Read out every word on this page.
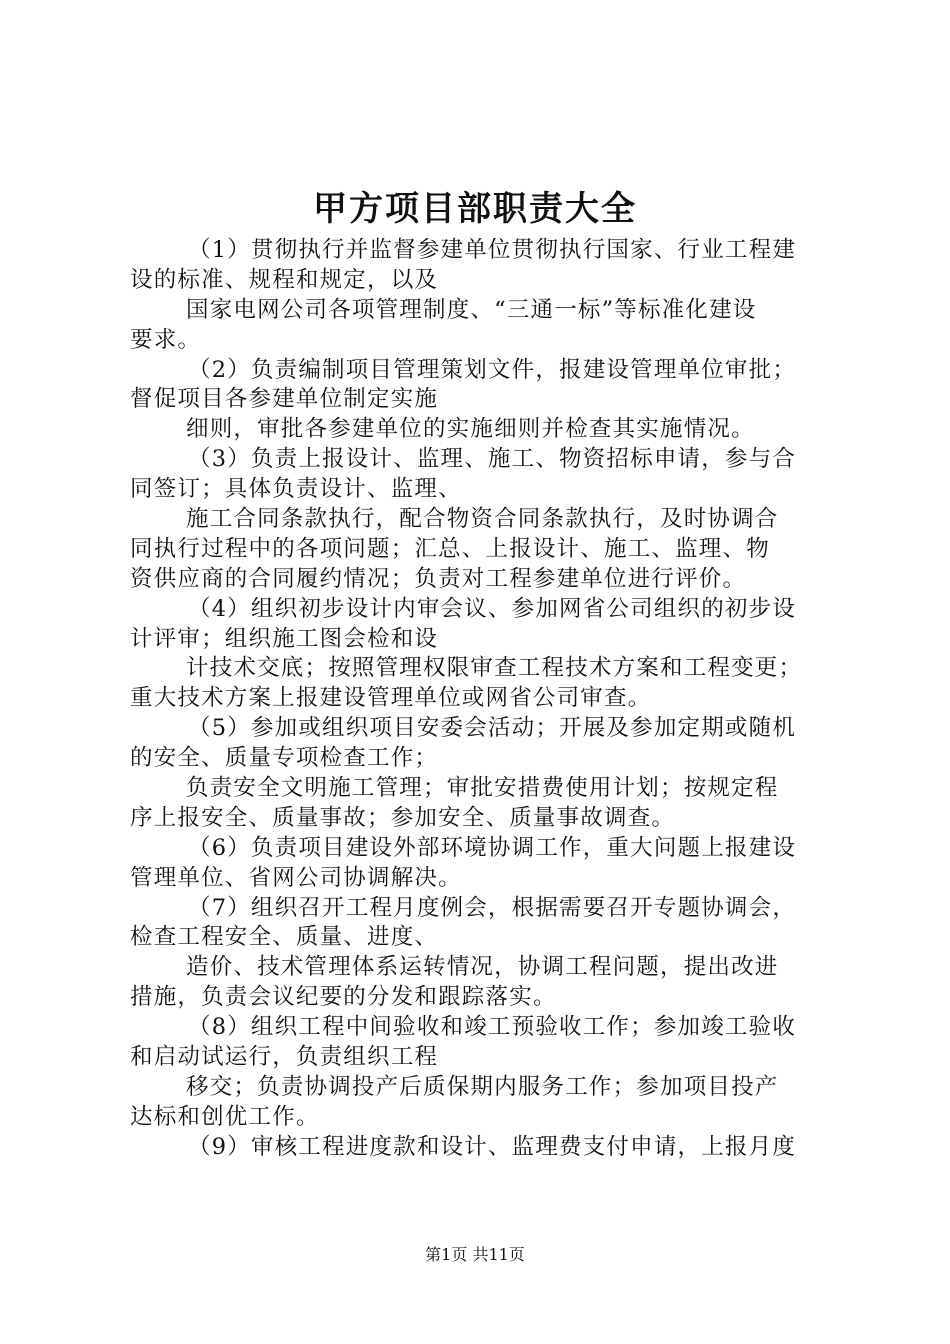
甲方项目部职责大全
（1）贯彻执行并监督参建单位贯彻执行国家、行业工程建
设的标准、规程和规定，以及
国家电网公司各项管理制度、“三通一标”等标准化建设
要求。
（2）负责编制项目管理策划文件，报建设管理单位审批；
督促项目各参建单位制定实施
细则，审批各参建单位的实施细则并检查其实施情况。
（3）负责上报设计、监理、施工、物资招标申请，参与合
同签订；具体负责设计、监理、
施工合同条款执行，配合物资合同条款执行，及时协调合
同执行过程中的各项问题；汇总、上报设计、施工、监理、物
资供应商的合同履约情况；负责对工程参建单位进行评价。
（4）组织初步设计内审会议、参加网省公司组织的初步设
计评审；组织施工图会检和设
计技术交底；按照管理权限审查工程技术方案和工程变更；
重大技术方案上报建设管理单位或网省公司审查。
（5）参加或组织项目安委会活动；开展及参加定期或随机
的安全、质量专项检查工作；
负责安全文明施工管理；审批安措费使用计划；按规定程
序上报安全、质量事故；参加安全、质量事故调查。
（6）负责项目建设外部环境协调工作，重大问题上报建设
管理单位、省网公司协调解决。
（7）组织召开工程月度例会，根据需要召开专题协调会，
检查工程安全、质量、进度、
造价、技术管理体系运转情况，协调工程问题，提出改进
措施，负责会议纪要的分发和跟踪落实。
（8）组织工程中间验收和竣工预验收工作；参加竣工验收
和启动试运行，负责组织工程
移交；负责协调投产后质保期内服务工作；参加项目投产
达标和创优工作。
（9）审核工程进度款和设计、监理费支付申请，上报月度
第1页 共11页
